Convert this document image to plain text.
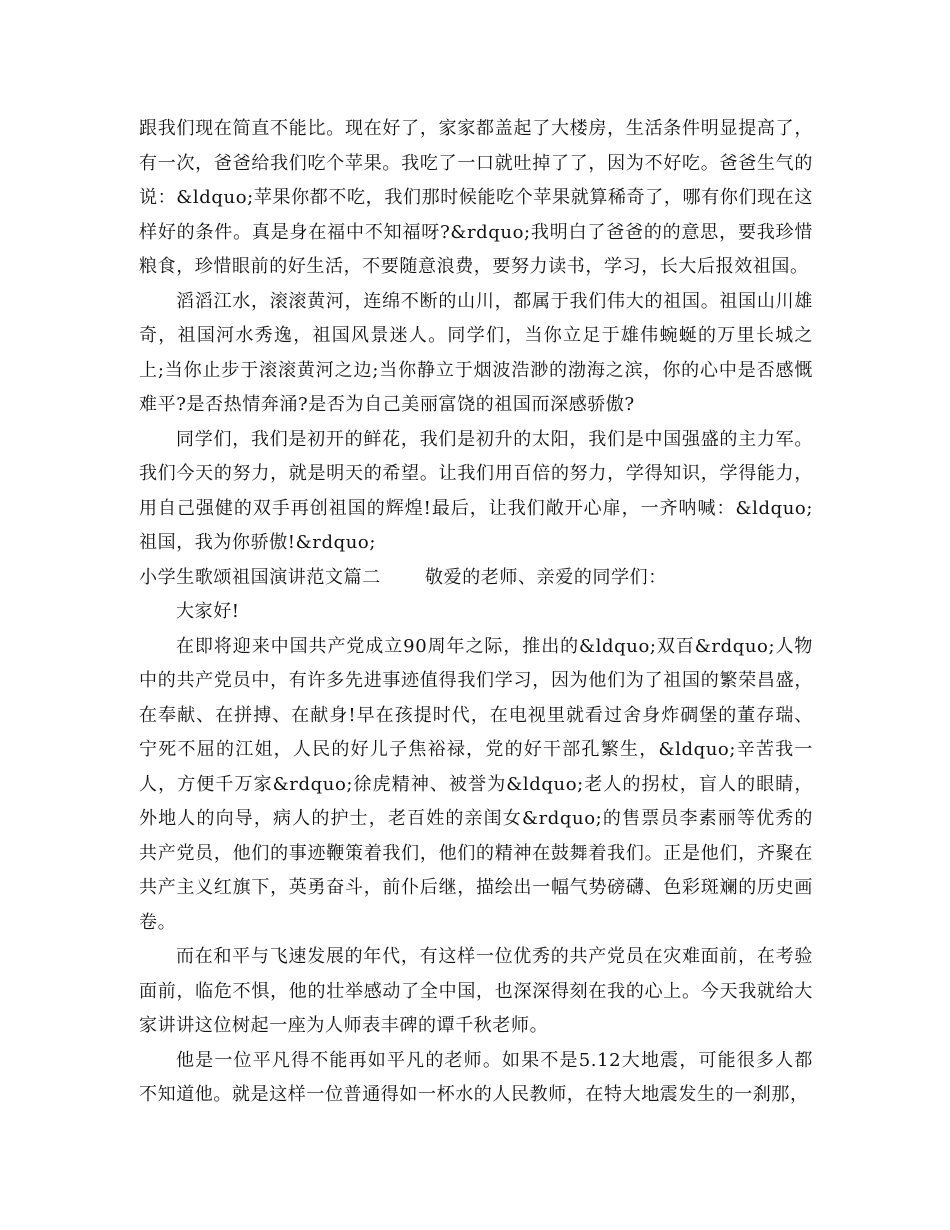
跟我们现在简直不能比。现在好了，家家都盖起了大楼房，生活条件明显提高了，有一次，爸爸给我们吃个苹果。我吃了一口就吐掉了了，因为不好吃。爸爸生气的说：&ldquo;苹果你都不吃，我们那时候能吃个苹果就算稀奇了，哪有你们现在这样好的条件。真是身在福中不知福呀?&rdquo;我明白了爸爸的的意思，要我珍惜粮食，珍惜眼前的好生活，不要随意浪费，要努力读书，学习，长大后报效祖国。

滔滔江水，滚滚黄河，连绵不断的山川，都属于我们伟大的祖国。祖国山川雄奇，祖国河水秀逸，祖国风景迷人。同学们，当你立足于雄伟蜿蜒的万里长城之上;当你止步于滚滚黄河之边;当你静立于烟波浩渺的渤海之滨，你的心中是否感慨难平?是否热情奔涌?是否为自己美丽富饶的祖国而深感骄傲?

同学们，我们是初开的鲜花，我们是初升的太阳，我们是中国强盛的主力军。我们今天的努力，就是明天的希望。让我们用百倍的努力，学得知识，学得能力，用自己强健的双手再创祖国的辉煌!最后，让我们敞开心扉，一齐呐喊：&ldquo;祖国，我为你骄傲!&rdquo;

小学生歌颂祖国演讲范文篇二       敬爱的老师、亲爱的同学们：

大家好!

在即将迎来中国共产党成立90周年之际，推出的&ldquo;双百&rdquo;人物中的共产党员中，有许多先进事迹值得我们学习，因为他们为了祖国的繁荣昌盛，在奉献、在拼搏、在献身!早在孩提时代，在电视里就看过舍身炸碉堡的董存瑞、宁死不屈的江姐，人民的好儿子焦裕禄，党的好干部孔繁生，&ldquo;辛苦我一人，方便千万家&rdquo;徐虎精神、被誉为&ldquo;老人的拐杖，盲人的眼睛，外地人的向导，病人的护士，老百姓的亲闺女&rdquo;的售票员李素丽等优秀的共产党员，他们的事迹鞭策着我们，他们的精神在鼓舞着我们。正是他们，齐聚在共产主义红旗下，英勇奋斗，前仆后继，描绘出一幅气势磅礴、色彩斑斓的历史画卷。

而在和平与飞速发展的年代，有这样一位优秀的共产党员在灾难面前，在考验面前，临危不惧，他的壮举感动了全中国，也深深得刻在我的心上。今天我就给大家讲讲这位树起一座为人师表丰碑的谭千秋老师。

他是一位平凡得不能再如平凡的老师。如果不是5.12大地震，可能很多人都不知道他。就是这样一位普通得如一杯水的人民教师，在特大地震发生的一刹那，
